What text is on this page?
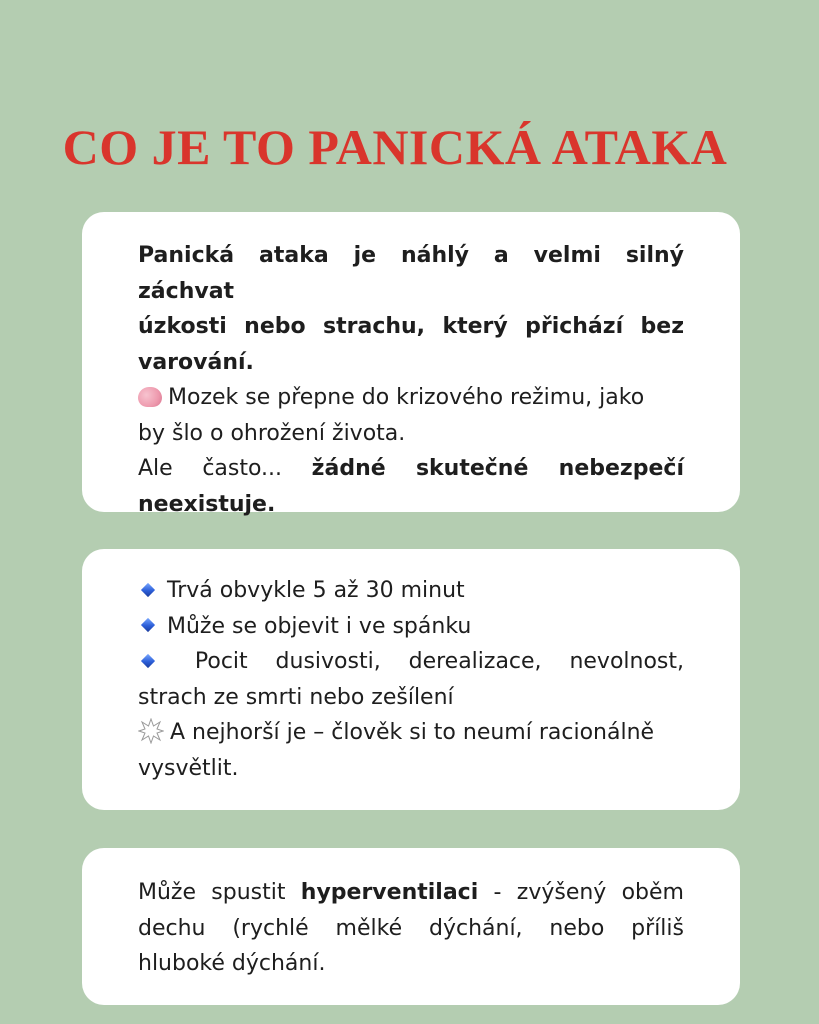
CO JE TO PANICKÁ ATAKA
Panická ataka je náhlý a velmi silný záchvat
úzkosti nebo strachu, který přichází bez
varování.
Mozek se přepne do krizového režimu, jako
by šlo o ohrožení života.
Ale často... žádné skutečné nebezpečí
neexistuje.
Trvá obvykle 5 až 30 minut
Může se objevit i ve spánku
Pocit dusivosti, derealizace, nevolnost,
strach ze smrti nebo zešílení
A nejhorší je – člověk si to neumí racionálně
vysvětlit.
Může spustit hyperventilaci - zvýšený oběm
dechu (rychlé mělké dýchání, nebo příliš
hluboké dýchání.
